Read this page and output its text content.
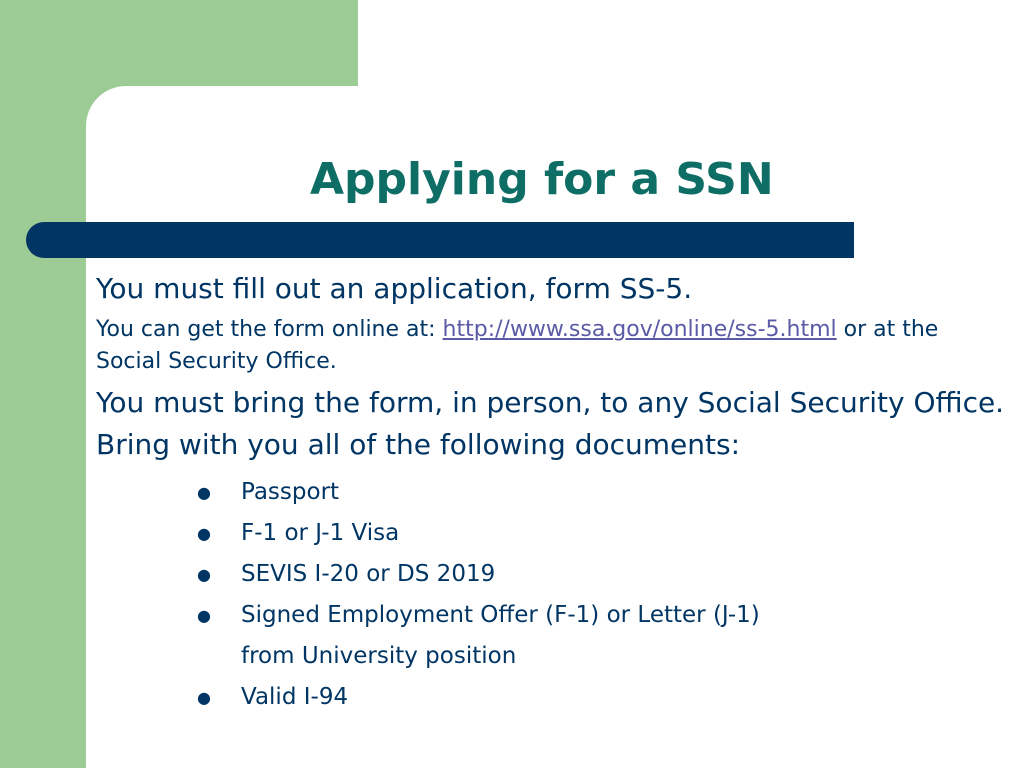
Applying for a SSN

You must fill out an application, form SS-5.

You can get the form online at: http://www.ssa.gov/online/ss-5.html or at the Social Security Office.

You must bring the form, in person, to any Social Security Office. Bring with you all of the following documents:

● Passport
● F-1 or J-1 Visa
● SEVIS I-20 or DS 2019
● Signed Employment Offer (F-1) or Letter (J-1)
from University position
● Valid I-94
